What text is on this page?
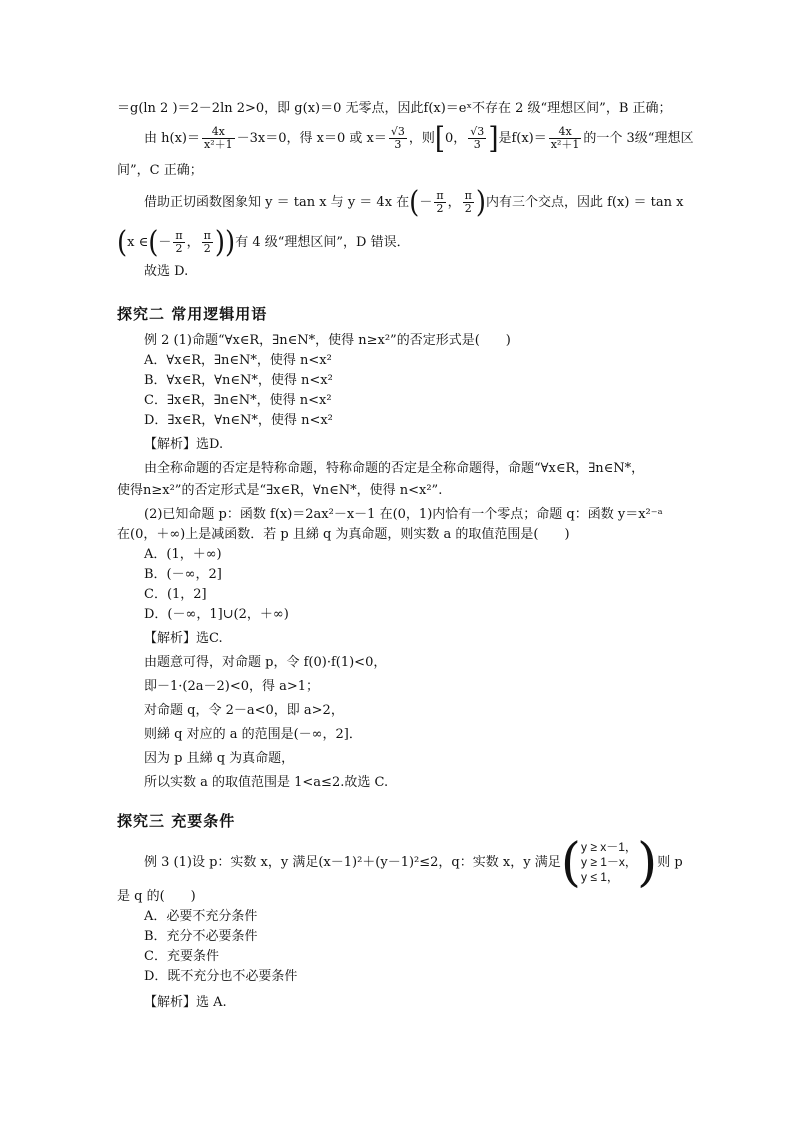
＝g(ln 2 )＝2－2ln 2>0，即 g(x)＝0 无零点，因此f(x)＝eˣ不存在 2 级“理想区间”，B 正确；
由 $h(x)= \frac{4x}{\text{x²＋1}} -3x=0$，得 x＝0 或 $x= \frac{√3}{3}$ ，则[0， $\frac{√3}{3}$ ]是$f(x)= \frac{4x}{\text{x²＋1}}$ 的一个 3级“理想区
间”，C 正确；
借助正切函数图象知 y ＝ tan x 与 y ＝ 4x 在(－ $\frac{\pi}{2}$ ， $\frac{\pi}{2}$ )内有三个交点，因此 f(x) ＝ tan x
(x ∈(－ $\frac{\pi}{2}$ ， $\frac{\pi}{2}$ ))有 4 级“理想区间”，D 错误．
故选 D.
探究二 常用逻辑用语
例 2 (1)命题“∀x∈R，∃n∈N*，使得 n≥x²”的否定形式是(　　)
A．∀x∈R，∃n∈N*，使得 n<x²
B．∀x∈R，∀n∈N*，使得 n<x²
C．∃x∈R，∃n∈N*，使得 n<x²
D．∃x∈R，∀n∈N*，使得 n<x²
【解析】选D.
由全称命题的否定是特称命题，特称命题的否定是全称命题得，命题“∀x∈R，∃n∈N*，
使得n≥x²”的否定形式是“∃x∈R，∀n∈N*，使得 n<x²”.
(2)已知命题 p：函数 f(x)＝2ax²－x－1 在(0，1)内恰有一个零点；命题 q：函数 y＝x²⁻ᵃ
在(0，＋∞)上是减函数．若 p 且綈 q 为真命题，则实数 a 的取值范围是(　　)
A．(1，＋∞)
B．(－∞，2]
C．(1，2]
D．(－∞，1]∪(2，＋∞)
【解析】选C.
由题意可得，对命题 p，令 f(0)·f(1)<0，
即－1·(2a－2)<0，得 a>1；
对命题 q，令 2－a<0，即 a>2，
则綈 q 对应的 a 的范围是(－∞，2]．
因为 p 且綈 q 为真命题，
所以实数 a 的取值范围是 1<a≤2.故选 C.
探究三 充要条件
例 3 (1)设 p：实数 x，y 满足(x－1)²＋(y－1)²≤2，q：实数 x，y 满足( y ≥ x－1，
y ≥ 1－x，
y ≤ 1， )则 p
是 q 的(　　)
A．必要不充分条件
B．充分不必要条件
C．充要条件
D．既不充分也不必要条件
【解析】选 A.
